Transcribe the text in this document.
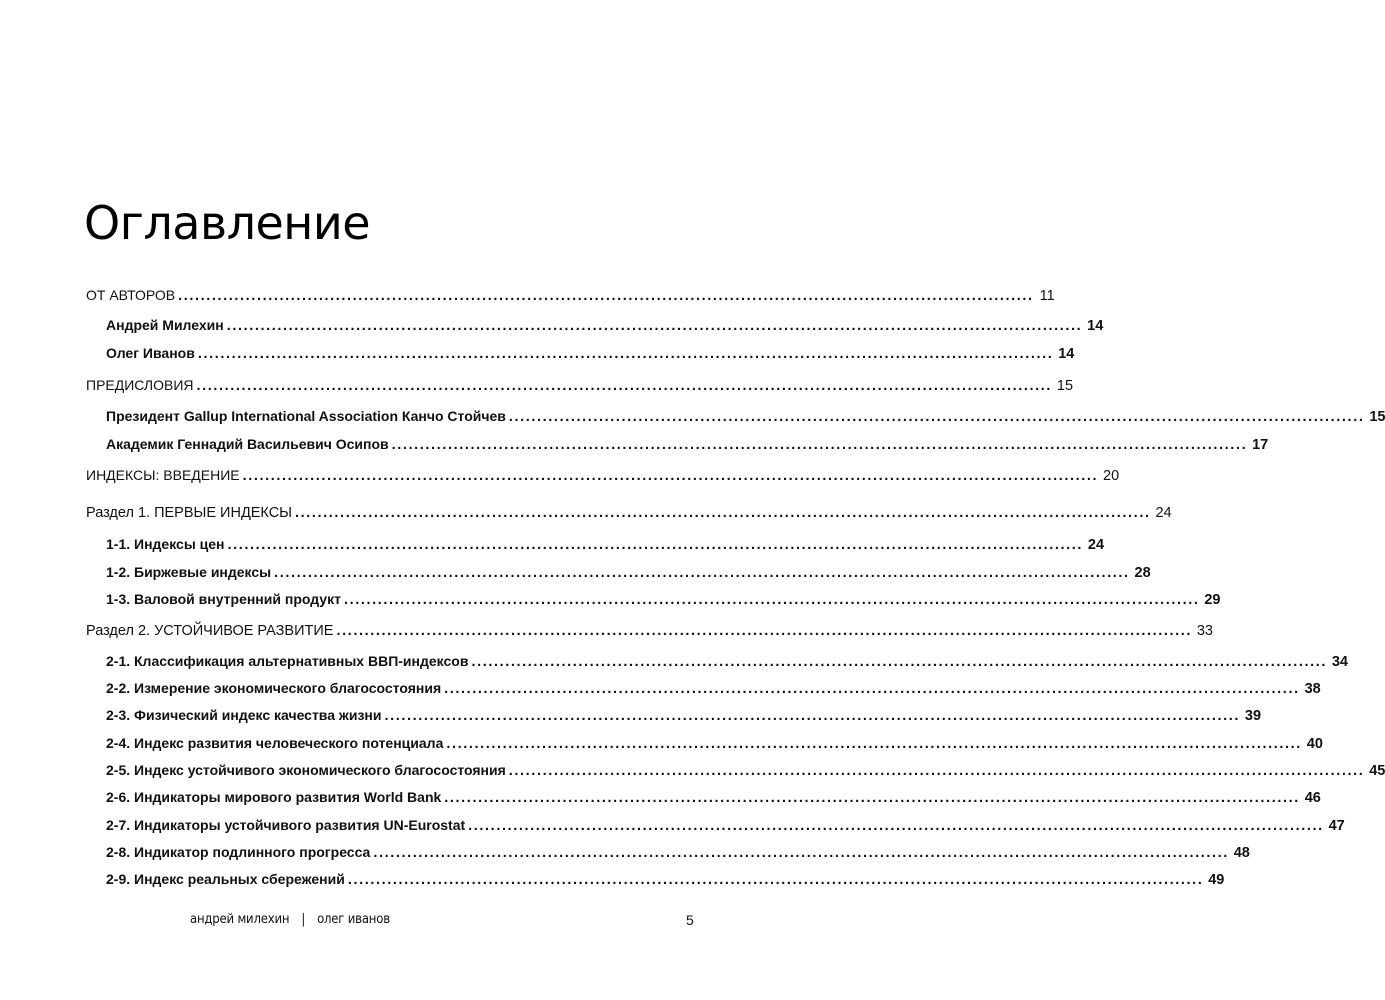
Оглавление
ОТ АВТОРОВ ........................................................................................................................................................ 11
Андрей Милехин ........................................................................................................................................................ 14
Олег Иванов ........................................................................................................................................................ 14
ПРЕДИСЛОВИЯ ........................................................................................................................................................ 15
Президент Gallup International Association Канчо Стойчев ........................................................................................................................................................ 15
Академик Геннадий Васильевич Осипов ........................................................................................................................................................ 17
ИНДЕКСЫ: ВВЕДЕНИЕ ........................................................................................................................................................ 20
Раздел 1. ПЕРВЫЕ ИНДЕКСЫ ........................................................................................................................................................ 24
1-1. Индексы цен ........................................................................................................................................................ 24
1-2. Биржевые индексы ........................................................................................................................................................ 28
1-3. Валовой внутренний продукт ........................................................................................................................................................ 29
Раздел 2. УСТОЙЧИВОЕ РАЗВИТИЕ ........................................................................................................................................................ 33
2-1. Классификация альтернативных ВВП-индексов ........................................................................................................................................................ 34
2-2. Измерение экономического благосостояния ........................................................................................................................................................ 38
2-3. Физический индекс качества жизни ........................................................................................................................................................ 39
2-4. Индекс развития человеческого потенциала ........................................................................................................................................................ 40
2-5. Индекс устойчивого экономического благосостояния ........................................................................................................................................................ 45
2-6. Индикаторы мирового развития World Bank ........................................................................................................................................................ 46
2-7. Индикаторы устойчивого развития UN-Eurostat ........................................................................................................................................................ 47
2-8. Индикатор подлинного прогресса ........................................................................................................................................................ 48
2-9. Индекс реальных сбережений ........................................................................................................................................................ 49
андрей милехин | олег иванов	5
